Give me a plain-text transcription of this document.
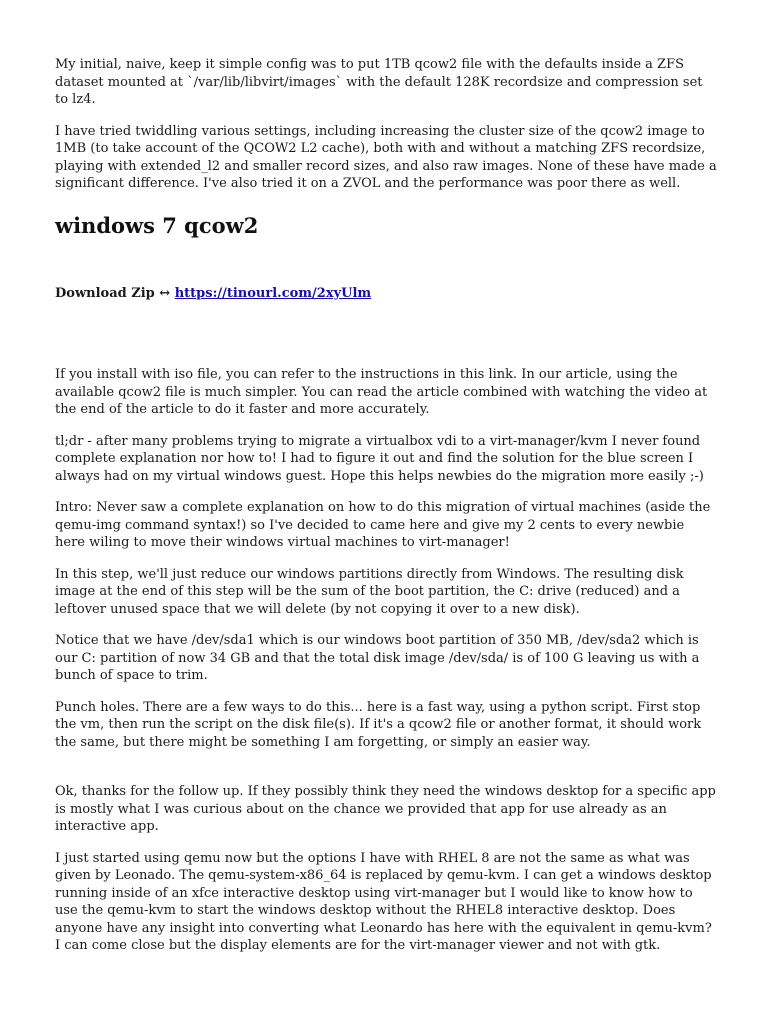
My initial, naive, keep it simple config was to put 1TB qcow2 file with the defaults inside a ZFS dataset mounted at `/var/lib/libvirt/images` with the default 128K recordsize and compression set to lz4.

I have tried twiddling various settings, including increasing the cluster size of the qcow2 image to 1MB (to take account of the QCOW2 L2 cache), both with and without a matching ZFS recordsize, playing with extended_l2 and smaller record sizes, and also raw images. None of these have made a significant difference. I've also tried it on a ZVOL and the performance was poor there as well.

windows 7 qcow2
Download Zip ↔ https://tinourl.com/2xyUlm

If you install with iso file, you can refer to the instructions in this link. In our article, using the available qcow2 file is much simpler. You can read the article combined with watching the video at the end of the article to do it faster and more accurately.

tl;dr - after many problems trying to migrate a virtualbox vdi to a virt-manager/kvm I never found complete explanation nor how to! I had to figure it out and find the solution for the blue screen I always had on my virtual windows guest. Hope this helps newbies do the migration more easily ;-)

Intro: Never saw a complete explanation on how to do this migration of virtual machines (aside the qemu-img command syntax!) so I've decided to came here and give my 2 cents to every newbie here wiling to move their windows virtual machines to virt-manager!

In this step, we'll just reduce our windows partitions directly from Windows. The resulting disk image at the end of this step will be the sum of the boot partition, the C: drive (reduced) and a leftover unused space that we will delete (by not copying it over to a new disk).

Notice that we have /dev/sda1 which is our windows boot partition of 350 MB, /dev/sda2 which is our C: partition of now 34 GB and that the total disk image /dev/sda/ is of 100 G leaving us with a bunch of space to trim.

Punch holes. There are a few ways to do this... here is a fast way, using a python script. First stop the vm, then run the script on the disk file(s). If it's a qcow2 file or another format, it should work the same, but there might be something I am forgetting, or simply an easier way.

Ok, thanks for the follow up. If they possibly think they need the windows desktop for a specific app is mostly what I was curious about on the chance we provided that app for use already as an interactive app.

I just started using qemu now but the options I have with RHEL 8 are not the same as what was given by Leonado. The qemu-system-x86_64 is replaced by qemu-kvm. I can get a windows desktop running inside of an xfce interactive desktop using virt-manager but I would like to know how to use the qemu-kvm to start the windows desktop without the RHEL8 interactive desktop. Does anyone have any insight into converting what Leonardo has here with the equivalent in qemu-kvm? I can come close but the display elements are for the virt-manager viewer and not with gtk.
